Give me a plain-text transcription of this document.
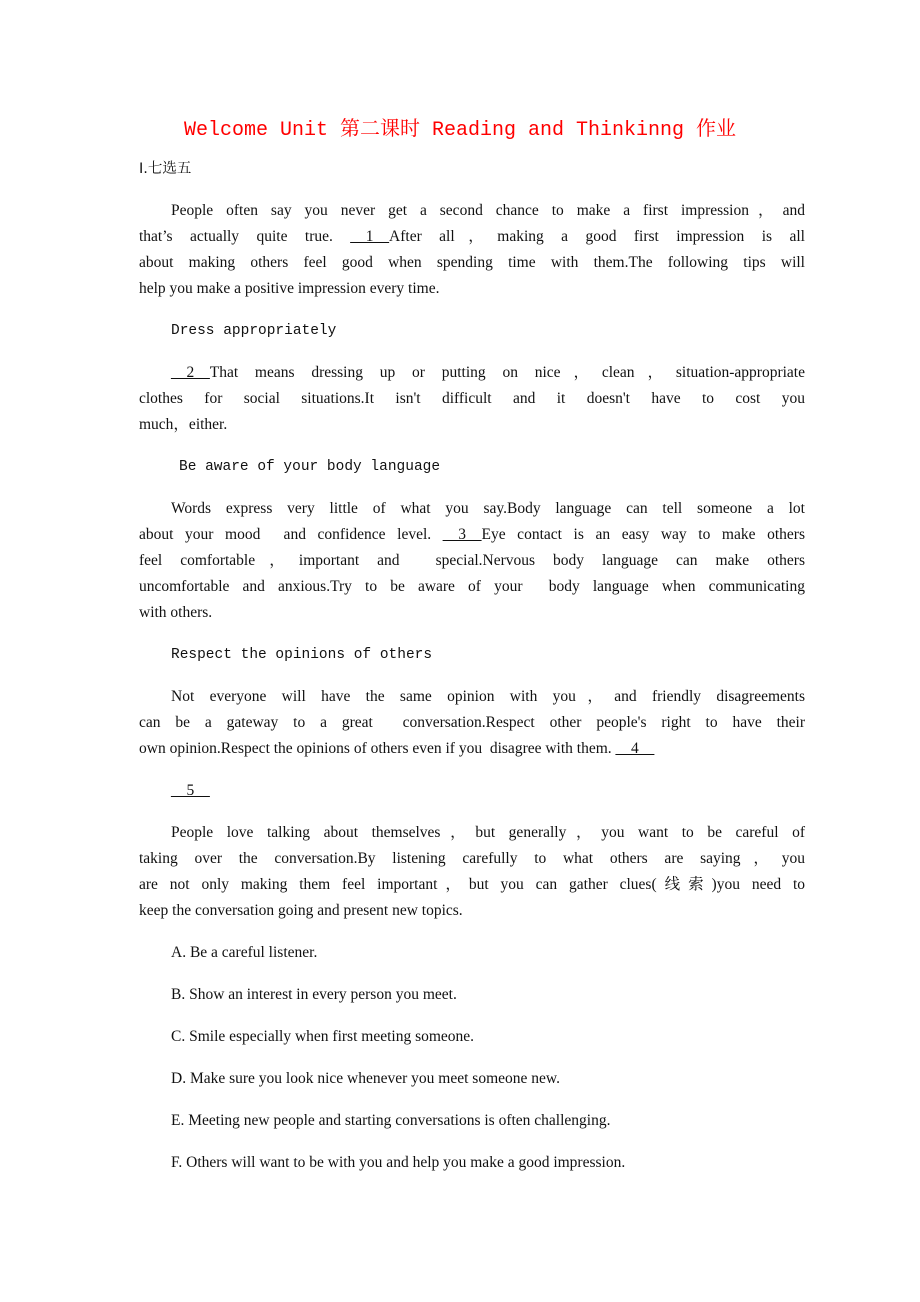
Welcome Unit 第二课时 Reading and Thinkinng 作业
Ⅰ.七选五
People often say you never get a second chance to make a first impression，and
that’s actually quite true. __1__After all，making a good first impression is all
about making others feel good when spending time with them.The following tips will
help you make a positive impression every time.
Dress appropriately
__2__That means dressing up or putting on nice，clean，situation-appropriate
clothes for social situations.It isn't difficult and it doesn't have to cost you
much，either.
Be aware of your body language
Words express very little of what you say.Body language can tell someone a lot
about your mood  and confidence level. __3__Eye contact is an easy way to make others
feel comfortable，important and  special.Nervous body language can make others
uncomfortable and anxious.Try to be aware of your  body language when communicating
with others.
Respect the opinions of others
Not everyone will have the same opinion with you，and friendly disagreements
can be a gateway to a great  conversation.Respect other people's right to have their
own opinion.Respect the opinions of others even if you  disagree with them. __4__
__5__
People love talking about themselves，but generally，you want to be careful of
taking over the conversation.By listening carefully to what others are saying，you
are not only making them feel important，but you can gather clues(线索)you need to
keep the conversation going and present new topics.
A. Be a careful listener.
B. Show an interest in every person you meet.
C. Smile especially when first meeting someone.
D. Make sure you look nice whenever you meet someone new.
E. Meeting new people and starting conversations is often challenging.
F. Others will want to be with you and help you make a good impression.
